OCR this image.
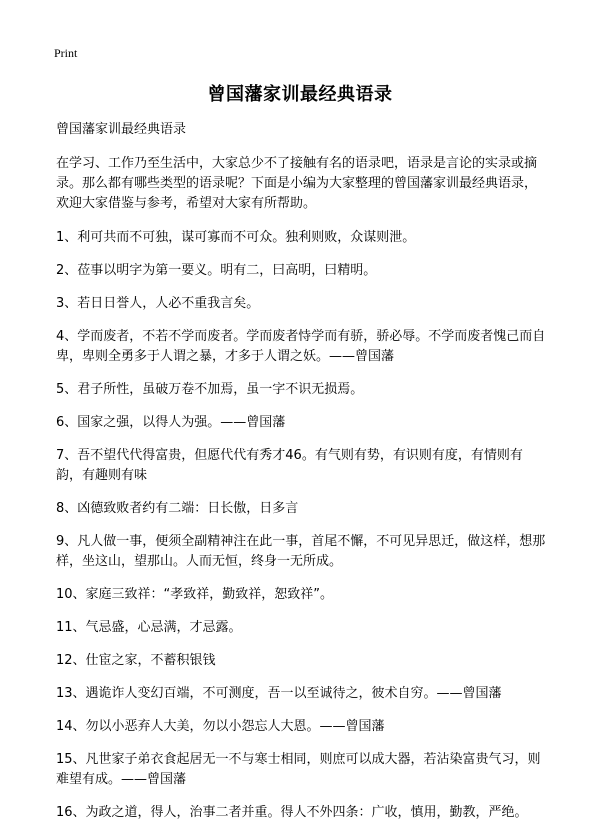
Print
曾国藩家训最经典语录

曾国藩家训最经典语录

在学习、工作乃至生活中，大家总少不了接触有名的语录吧，语录是言论的实录或摘录。那么都有哪些类型的语录呢？下面是小编为大家整理的曾国藩家训最经典语录，欢迎大家借鉴与参考，希望对大家有所帮助。

1、利可共而不可独，谋可寡而不可众。独利则败，众谋则泄。
2、莅事以明字为第一要义。明有二，曰高明，曰精明。
3、若日日誉人，人必不重我言矣。
4、学而废者，不若不学而废者。学而废者恃学而有骄，骄必辱。不学而废者愧己而自卑，卑则全勇多于人谓之暴，才多于人谓之妖。——曾国藩
5、君子所性，虽破万卷不加焉，虽一字不识无损焉。
6、国家之强，以得人为强。——曾国藩
7、吾不望代代得富贵，但愿代代有秀才46。有气则有势，有识则有度，有情则有韵，有趣则有味
8、凶德致败者约有二端：日长傲，日多言
9、凡人做一事，便须全副精神注在此一事，首尾不懈，不可见异思迁，做这样，想那样，坐这山，望那山。人而无恒，终身一无所成。
10、家庭三致祥：“孝致祥，勤致祥，恕致祥”。
11、气忌盛，心忌满，才忌露。
12、仕宦之家，不蓄积银钱
13、遇诡诈人变幻百端，不可测度，吾一以至诚待之，彼术自穷。——曾国藩
14、勿以小恶弃人大美，勿以小怨忘人大恩。——曾国藩
15、凡世家子弟衣食起居无一不与寒士相同，则庶可以成大器，若沾染富贵气习，则难望有成。——曾国藩
16、为政之道，得人，治事二者并重。得人不外四条：广收，慎用，勤教，严绝。
